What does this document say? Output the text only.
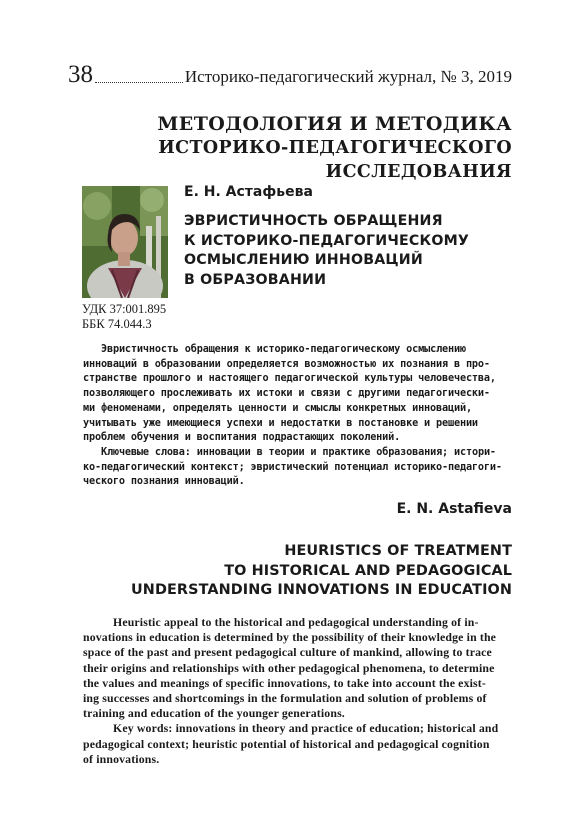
38	Историко-педагогический журнал, № 3, 2019
МЕТОДОЛОГИЯ И МЕТОДИКА
ИСТОРИКО-ПЕДАГОГИЧЕСКОГО
ИССЛЕДОВАНИЯ
Е. Н. Астафьева
ЭВРИСТИЧНОСТЬ ОБРАЩЕНИЯ
К ИСТОРИКО-ПЕДАГОГИЧЕСКОМУ
ОСМЫСЛЕНИЮ ИННОВАЦИЙ
В ОБРАЗОВАНИИ
УДК 37:001.895
ББК 74.044.3
Эвристичность обращения к историко-педагогическому осмыслению
инноваций в образовании определяется возможностью их познания в про-
странстве прошлого и настоящего педагогической культуры человечества,
позволяющего прослеживать их истоки и связи с другими педагогически-
ми феноменами, определять ценности и смыслы конкретных инноваций,
учитывать уже имеющиеся успехи и недостатки в постановке и решении
проблем обучения и воспитания подрастающих поколений.
Ключевые слова: инновации в теории и практике образования; истори-
ко-педагогический контекст; эвристический потенциал историко-педагоги-
ческого познания инноваций.
E. N. Astafieva
HEURISTICS OF TREATMENT
TO HISTORICAL AND PEDAGOGICAL
UNDERSTANDING INNOVATIONS IN EDUCATION
Heuristic appeal to the historical and pedagogical understanding of in-
novations in education is determined by the possibility of their knowledge in the
space of the past and present pedagogical culture of mankind, allowing to trace
their origins and relationships with other pedagogical phenomena, to determine
the values and meanings of specific innovations, to take into account the exist-
ing successes and shortcomings in the formulation and solution of problems of
training and education of the younger generations.
Key words: innovations in theory and practice of education; historical and
pedagogical context; heuristic potential of historical and pedagogical cognition
of innovations.
